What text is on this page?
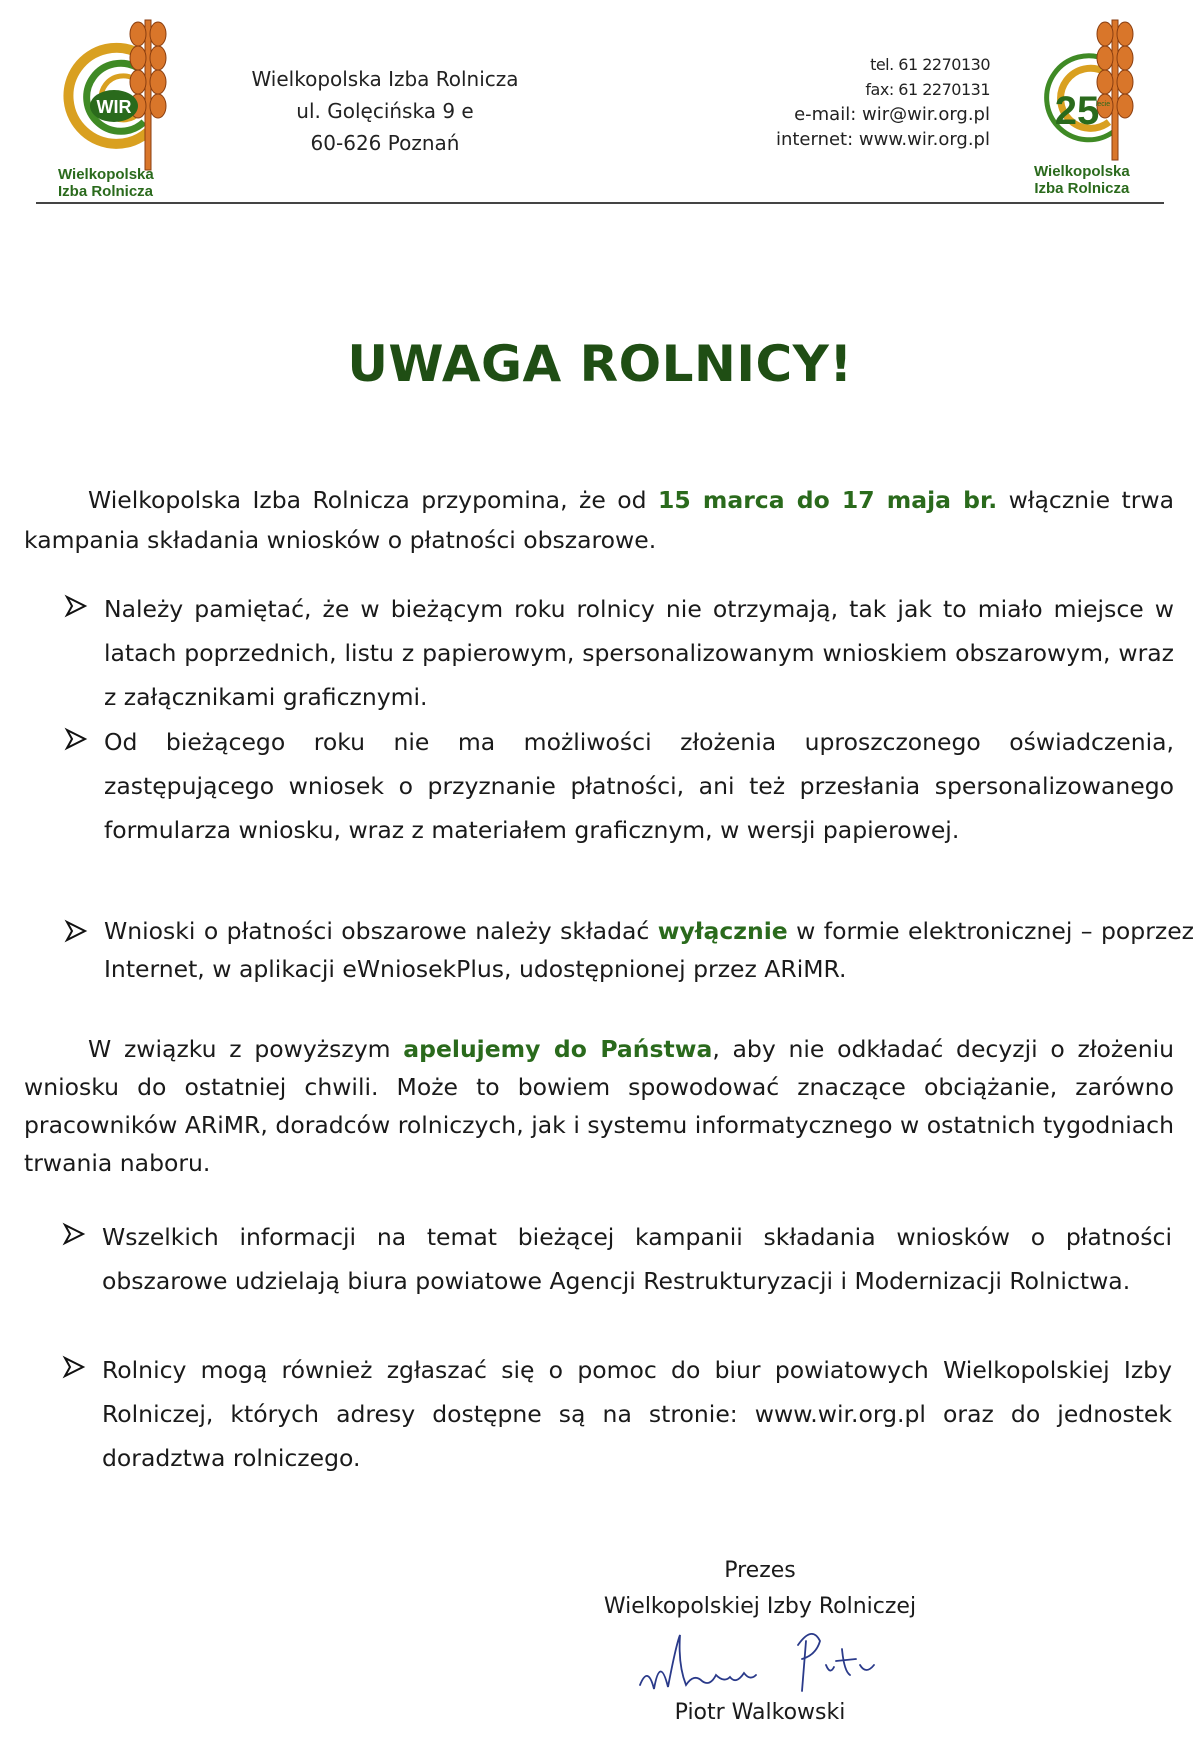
WIR
Wielkopolska
Izba Rolnicza
Wielkopolska Izba Rolnicza
ul. Golęcińska 9 e
60-626 Poznań
tel. 61 2270130
fax: 61 2270131
e-mail: wir@wir.org.pl
internet: www.wir.org.pl
25
lecie
Wielkopolska
Izba Rolnicza
UWAGA ROLNICY!
Wielkopolska Izba Rolnicza przypomina, że od 15 marca do 17 maja br. włącznie trwa kampania składania wniosków o płatności obszarowe.
Należy pamiętać, że w bieżącym roku rolnicy nie otrzymają, tak jak to miało miejsce w latach poprzednich, listu z papierowym, spersonalizowanym wnioskiem obszarowym, wraz z załącznikami graficznymi.
Od bieżącego roku nie ma możliwości złożenia uproszczonego oświadczenia, zastępującego wniosek o przyznanie płatności, ani też przesłania spersonalizowanego formularza wniosku, wraz z materiałem graficznym, w wersji papierowej.
Wnioski o płatności obszarowe należy składać wyłącznie w formie elektronicznej – poprzez Internet, w aplikacji eWniosekPlus, udostępnionej przez ARiMR.
W związku z powyższym apelujemy do Państwa, aby nie odkładać decyzji o złożeniu wniosku do ostatniej chwili. Może to bowiem spowodować znaczące obciążanie, zarówno pracowników ARiMR, doradców rolniczych, jak i systemu informatycznego w ostatnich tygodniach trwania naboru.
Wszelkich informacji na temat bieżącej kampanii składania wniosków o płatności obszarowe udzielają biura powiatowe Agencji Restrukturyzacji i Modernizacji Rolnictwa.
Rolnicy mogą również zgłaszać się o pomoc do biur powiatowych Wielkopolskiej Izby Rolniczej, których adresy dostępne są na stronie: www.wir.org.pl oraz do jednostek doradztwa rolniczego.
Prezes
Wielkopolskiej Izby Rolniczej
Piotr Walkowski
